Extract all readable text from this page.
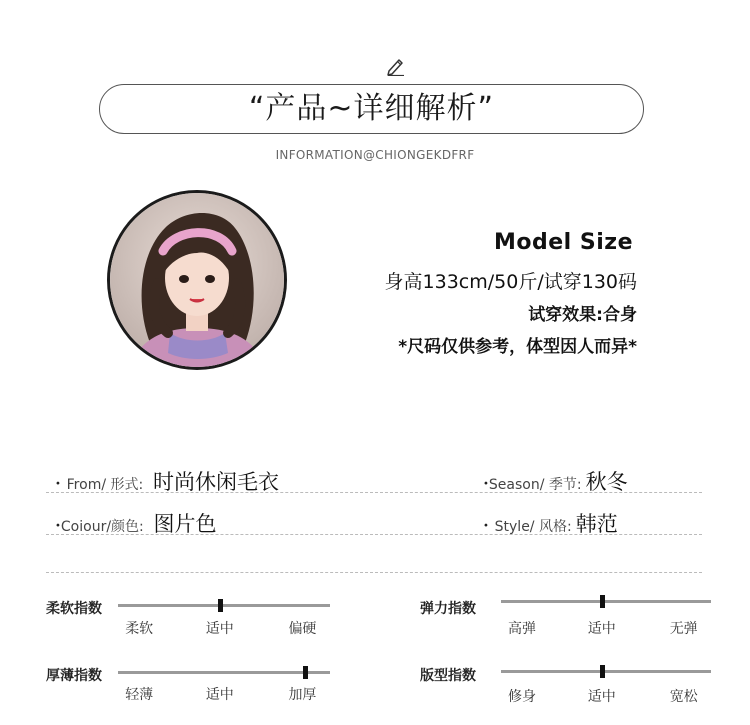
“产品~详细解析”
INFORMATION@CHIONGEKDFRF
Model Size
身高133cm/50斤/试穿130码
试穿效果:合身
*尺码仅供参考，体型因人而异*
• From/ 形式: 时尚休闲毛衣	•Season/ 季节: 秋冬
•Coiour/颜色: 图片色	• Style/ 风格: 韩范
柔软指数
柔软	适中	偏硬
弹力指数
高弹	适中	无弹
厚薄指数
轻薄	适中	加厚
版型指数
修身	适中	宽松
